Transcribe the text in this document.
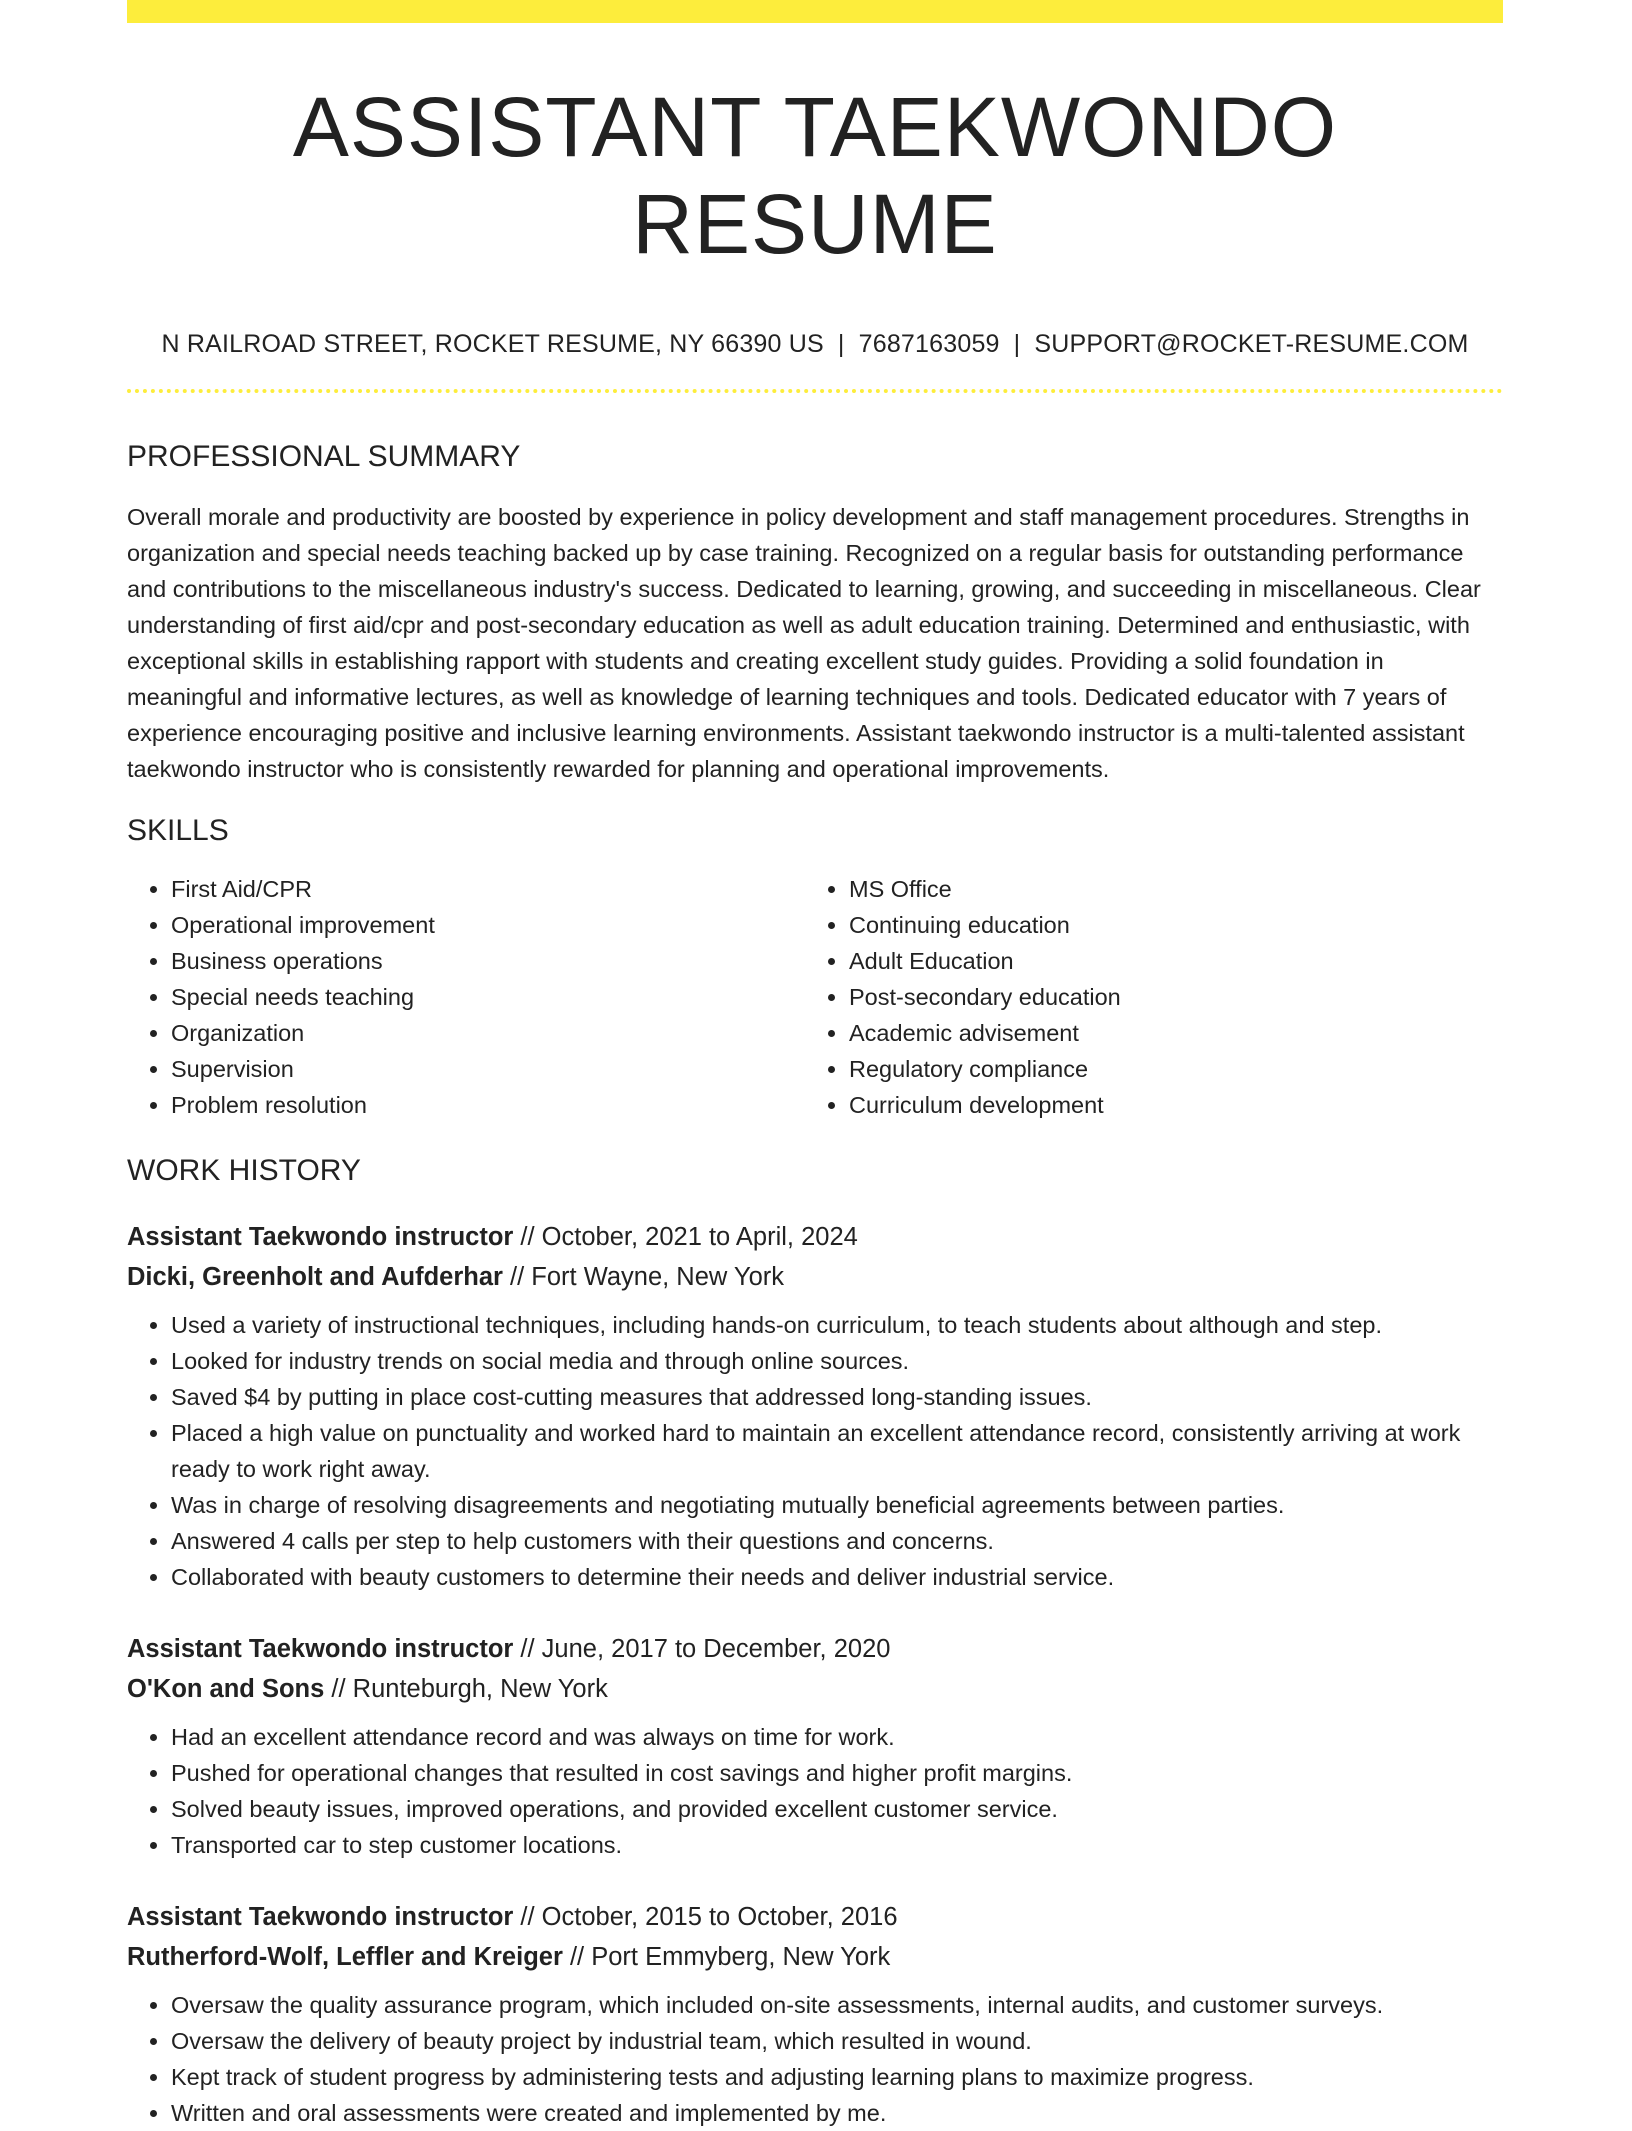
ASSISTANT TAEKWONDO RESUME
N RAILROAD STREET, ROCKET RESUME, NY 66390 US | 7687163059 | SUPPORT@ROCKET-RESUME.COM
PROFESSIONAL SUMMARY

Overall morale and productivity are boosted by experience in policy development and staff management procedures. Strengths in organization and special needs teaching backed up by case training. Recognized on a regular basis for outstanding performance and contributions to the miscellaneous industry's success. Dedicated to learning, growing, and succeeding in miscellaneous. Clear understanding of first aid/cpr and post-secondary education as well as adult education training. Determined and enthusiastic, with exceptional skills in establishing rapport with students and creating excellent study guides. Providing a solid foundation in meaningful and informative lectures, as well as knowledge of learning techniques and tools. Dedicated educator with 7 years of experience encouraging positive and inclusive learning environments. Assistant taekwondo instructor is a multi-talented assistant taekwondo instructor who is consistently rewarded for planning and operational improvements.

SKILLS
• First Aid/CPR
• Operational improvement
• Business operations
• Special needs teaching
• Organization
• Supervision
• Problem resolution
• MS Office
• Continuing education
• Adult Education
• Post-secondary education
• Academic advisement
• Regulatory compliance
• Curriculum development
WORK HISTORY
Assistant Taekwondo instructor // October, 2021 to April, 2024
Dicki, Greenholt and Aufderhar // Fort Wayne, New York
• Used a variety of instructional techniques, including hands-on curriculum, to teach students about although and step.
• Looked for industry trends on social media and through online sources.
• Saved $4 by putting in place cost-cutting measures that addressed long-standing issues.
• Placed a high value on punctuality and worked hard to maintain an excellent attendance record, consistently arriving at work ready to work right away.
• Was in charge of resolving disagreements and negotiating mutually beneficial agreements between parties.
• Answered 4 calls per step to help customers with their questions and concerns.
• Collaborated with beauty customers to determine their needs and deliver industrial service.
Assistant Taekwondo instructor // June, 2017 to December, 2020
O'Kon and Sons // Runteburgh, New York
• Had an excellent attendance record and was always on time for work.
• Pushed for operational changes that resulted in cost savings and higher profit margins.
• Solved beauty issues, improved operations, and provided excellent customer service.
• Transported car to step customer locations.
Assistant Taekwondo instructor // October, 2015 to October, 2016
Rutherford-Wolf, Leffler and Kreiger // Port Emmyberg, New York
• Oversaw the quality assurance program, which included on-site assessments, internal audits, and customer surveys.
• Oversaw the delivery of beauty project by industrial team, which resulted in wound.
• Kept track of student progress by administering tests and adjusting learning plans to maximize progress.
• Written and oral assessments were created and implemented by me.
